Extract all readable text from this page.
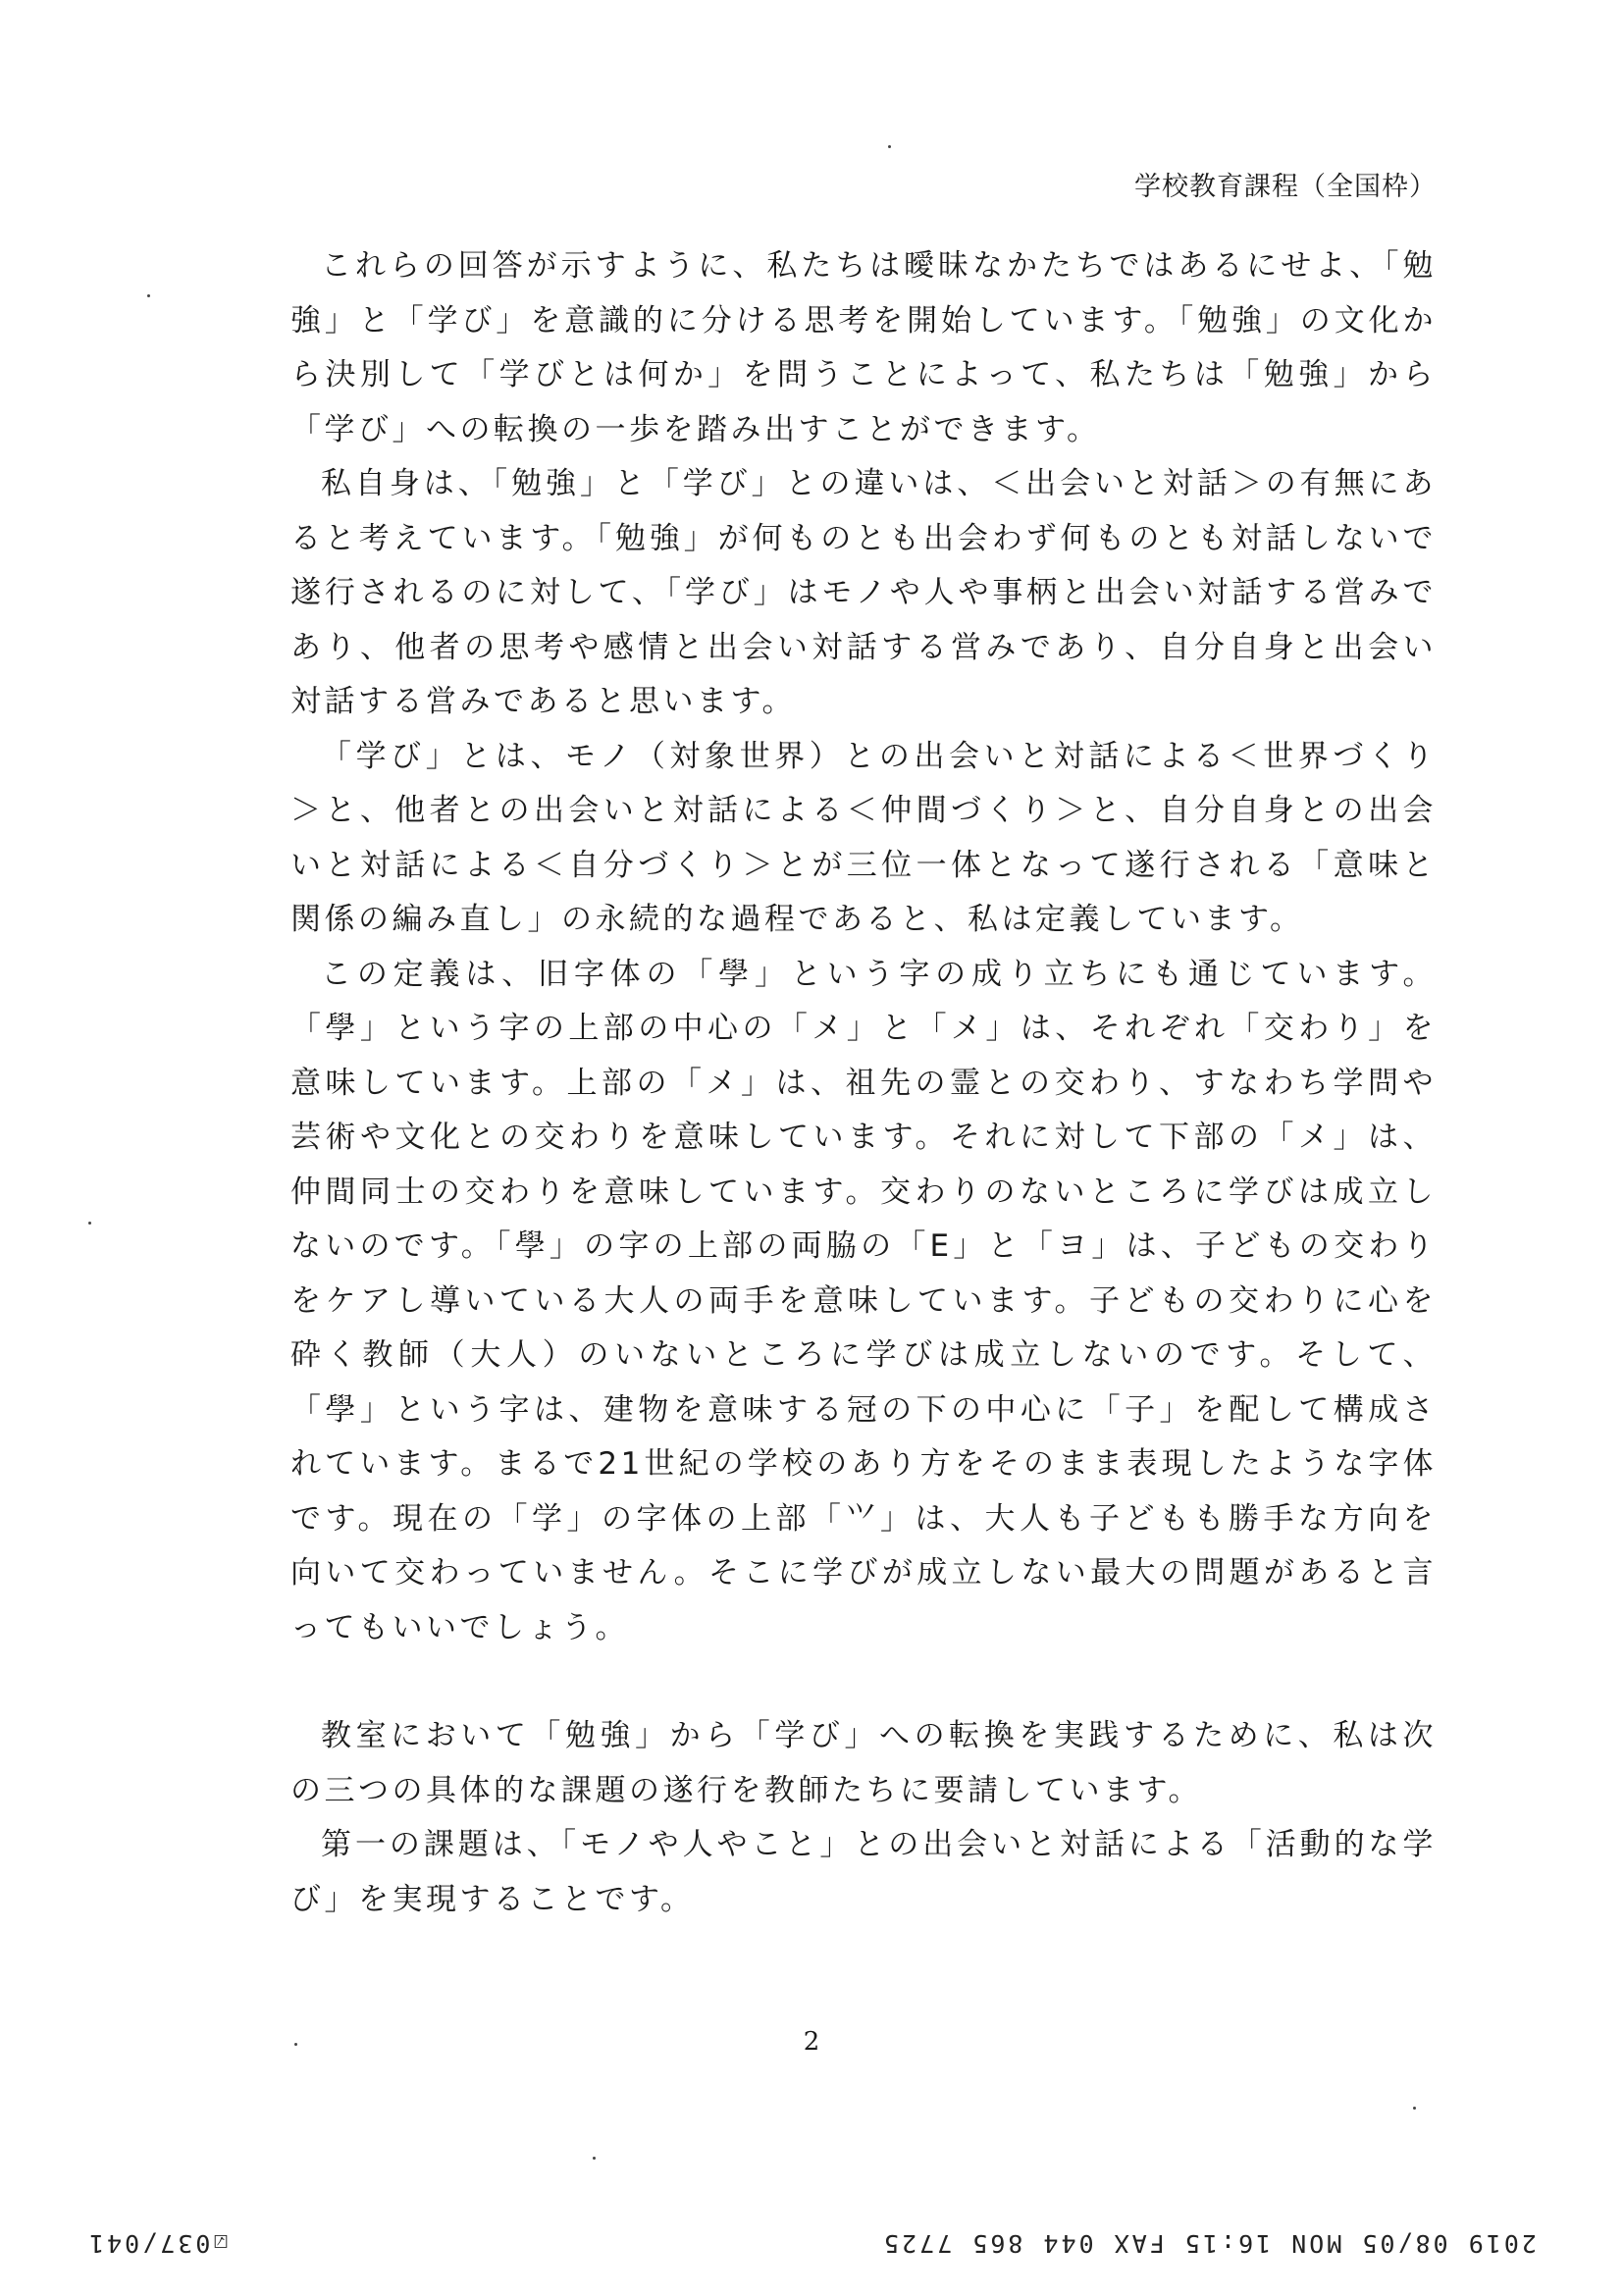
学校教育課程（全国枠）

これらの回答が示すように、私たちは曖昧なかたちではあるにせよ、「勉強」と「学び」を意識的に分ける思考を開始しています。「勉強」の文化から決別して「学びとは何か」を問うことによって、私たちは「勉強」から「学び」への転換の一歩を踏み出すことができます。

私自身は、「勉強」と「学び」との違いは、＜出会いと対話＞の有無にあると考えています。「勉強」が何ものとも出会わず何ものとも対話しないで遂行されるのに対して、「学び」はモノや人や事柄と出会い対話する営みであり、他者の思考や感情と出会い対話する営みであり、自分自身と出会い対話する営みであると思います。

「学び」とは、モノ（対象世界）との出会いと対話による＜世界づくり＞と、他者との出会いと対話による＜仲間づくり＞と、自分自身との出会いと対話による＜自分づくり＞とが三位一体となって遂行される「意味と関係の編み直し」の永続的な過程であると、私は定義しています。

この定義は、旧字体の「學」という字の成り立ちにも通じています。「學」という字の上部の中心の「メ」と「メ」は、それぞれ「交わり」を意味しています。上部の「メ」は、祖先の霊との交わり、すなわち学問や芸術や文化との交わりを意味しています。それに対して下部の「メ」は、仲間同士の交わりを意味しています。交わりのないところに学びは成立しないのです。「學」の字の上部の両脇の「E」と「ヨ」は、子どもの交わりをケアし導いている大人の両手を意味しています。子どもの交わりに心を砕く教師（大人）のいないところに学びは成立しないのです。そして、「學」という字は、建物を意味する冠の下の中心に「子」を配して構成されています。まるで21世紀の学校のあり方をそのまま表現したような字体です。現在の「学」の字体の上部「⺍」は、大人も子どもも勝手な方向を向いて交わっていません。そこに学びが成立しない最大の問題があると言ってもいいでしょう。

教室において「勉強」から「学び」への転換を実践するために、私は次の三つの具体的な課題の遂行を教師たちに要請しています。

第一の課題は、「モノや人やこと」との出会いと対話による「活動的な学び」を実現することです。

2
2019 08/05 MON 16:15 FAX 044 865 7725
☑037/041
